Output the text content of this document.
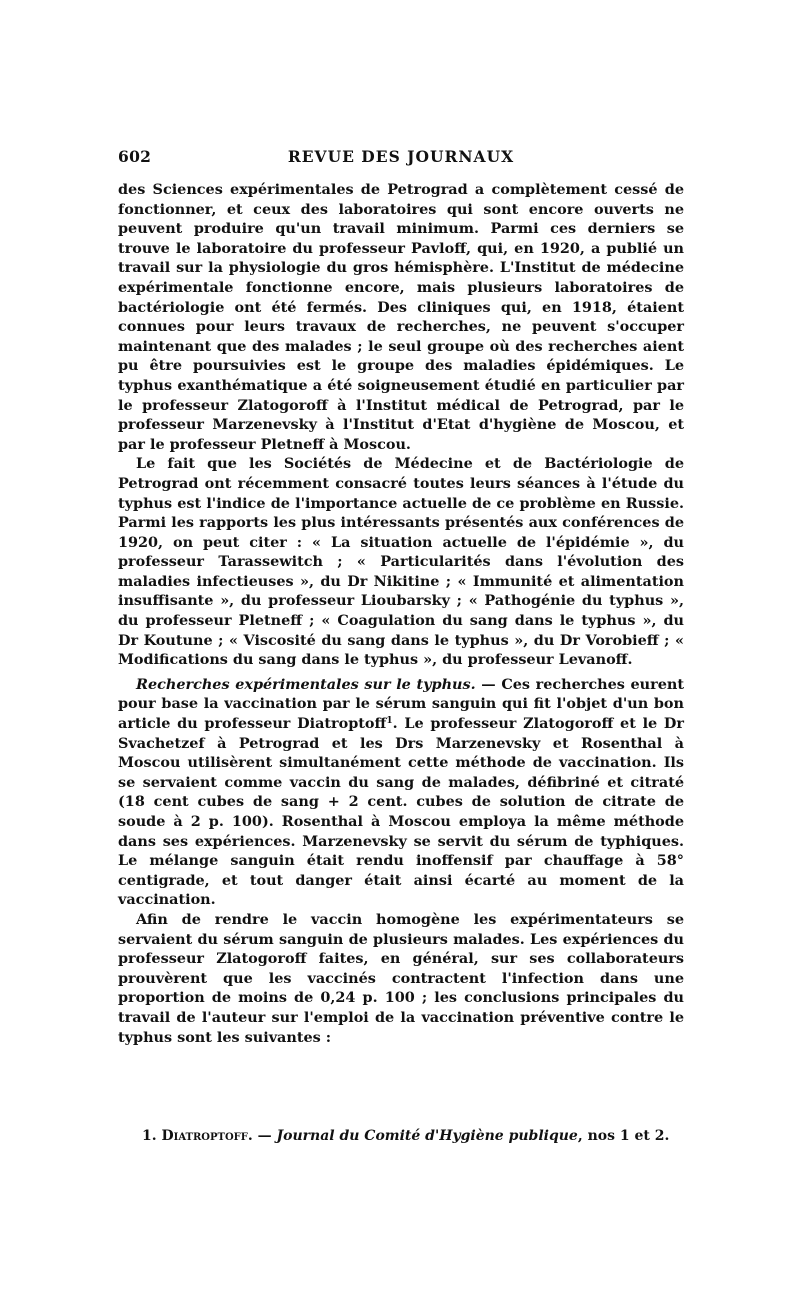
602	REVUE DES JOURNAUX

des Sciences expérimentales de Petrograd a complètement cessé de fonctionner, et ceux des laboratoires qui sont encore ouverts ne peuvent produire qu'un travail minimum. Parmi ces derniers se trouve le laboratoire du professeur Pavloff, qui, en 1920, a publié un travail sur la physiologie du gros hémisphère. L'Institut de médecine expérimentale fonctionne encore, mais plusieurs laboratoires de bactériologie ont été fermés. Des cliniques qui, en 1918, étaient connues pour leurs travaux de recherches, ne peuvent s'occuper maintenant que des malades ; le seul groupe où des recherches aient pu être poursuivies est le groupe des maladies épidémiques. Le typhus exanthématique a été soigneusement étudié en particulier par le professeur Zlatogoroff à l'Institut médical de Petrograd, par le professeur Marzenevsky à l'Institut d'Etat d'hygiène de Moscou, et par le professeur Pletneff à Moscou.

Le fait que les Sociétés de Médecine et de Bactériologie de Petrograd ont récemment consacré toutes leurs séances à l'étude du typhus est l'indice de l'importance actuelle de ce problème en Russie. Parmi les rapports les plus intéressants présentés aux conférences de 1920, on peut citer : « La situation actuelle de l'épidémie », du professeur Tarassewitch ; « Particularités dans l'évolution des maladies infectieuses », du Dr Nikitine ; « Immunité et alimentation insuffisante », du professeur Lioubarsky ; « Pathogénie du typhus », du professeur Pletneff ; « Coagulation du sang dans le typhus », du Dr Koutune ; « Viscosité du sang dans le typhus », du Dr Vorobieff ; « Modifications du sang dans le typhus », du professeur Levanoff.

Recherches expérimentales sur le typhus. — Ces recherches eurent pour base la vaccination par le sérum sanguin qui fit l'objet d'un bon article du professeur Diatroptoff$^1$. Le professeur Zlatogoroff et le Dr Svachetzef à Petrograd et les Drs Marzenevsky et Rosenthal à Moscou utilisèrent simultanément cette méthode de vaccination. Ils se servaient comme vaccin du sang de malades, défibriné et citraté (18 cent cubes de sang + 2 cent. cubes de solution de citrate de soude à 2 p. 100). Rosenthal à Moscou employa la même méthode dans ses expériences. Marzenevsky se servit du sérum de typhiques. Le mélange sanguin était rendu inoffensif par chauffage à 58° centigrade, et tout danger était ainsi écarté au moment de la vaccination.

Afin de rendre le vaccin homogène les expérimentateurs se servaient du sérum sanguin de plusieurs malades. Les expériences du professeur Zlatogoroff faites, en général, sur ses collaborateurs prouvèrent que les vaccinés contractent l'infection dans une proportion de moins de 0,24 p. 100 ; les conclusions principales du travail de l'auteur sur l'emploi de la vaccination préventive contre le typhus sont les suivantes :

1. Diatroptoff. — Journal du Comité d'Hygiène publique, nos 1 et 2.
